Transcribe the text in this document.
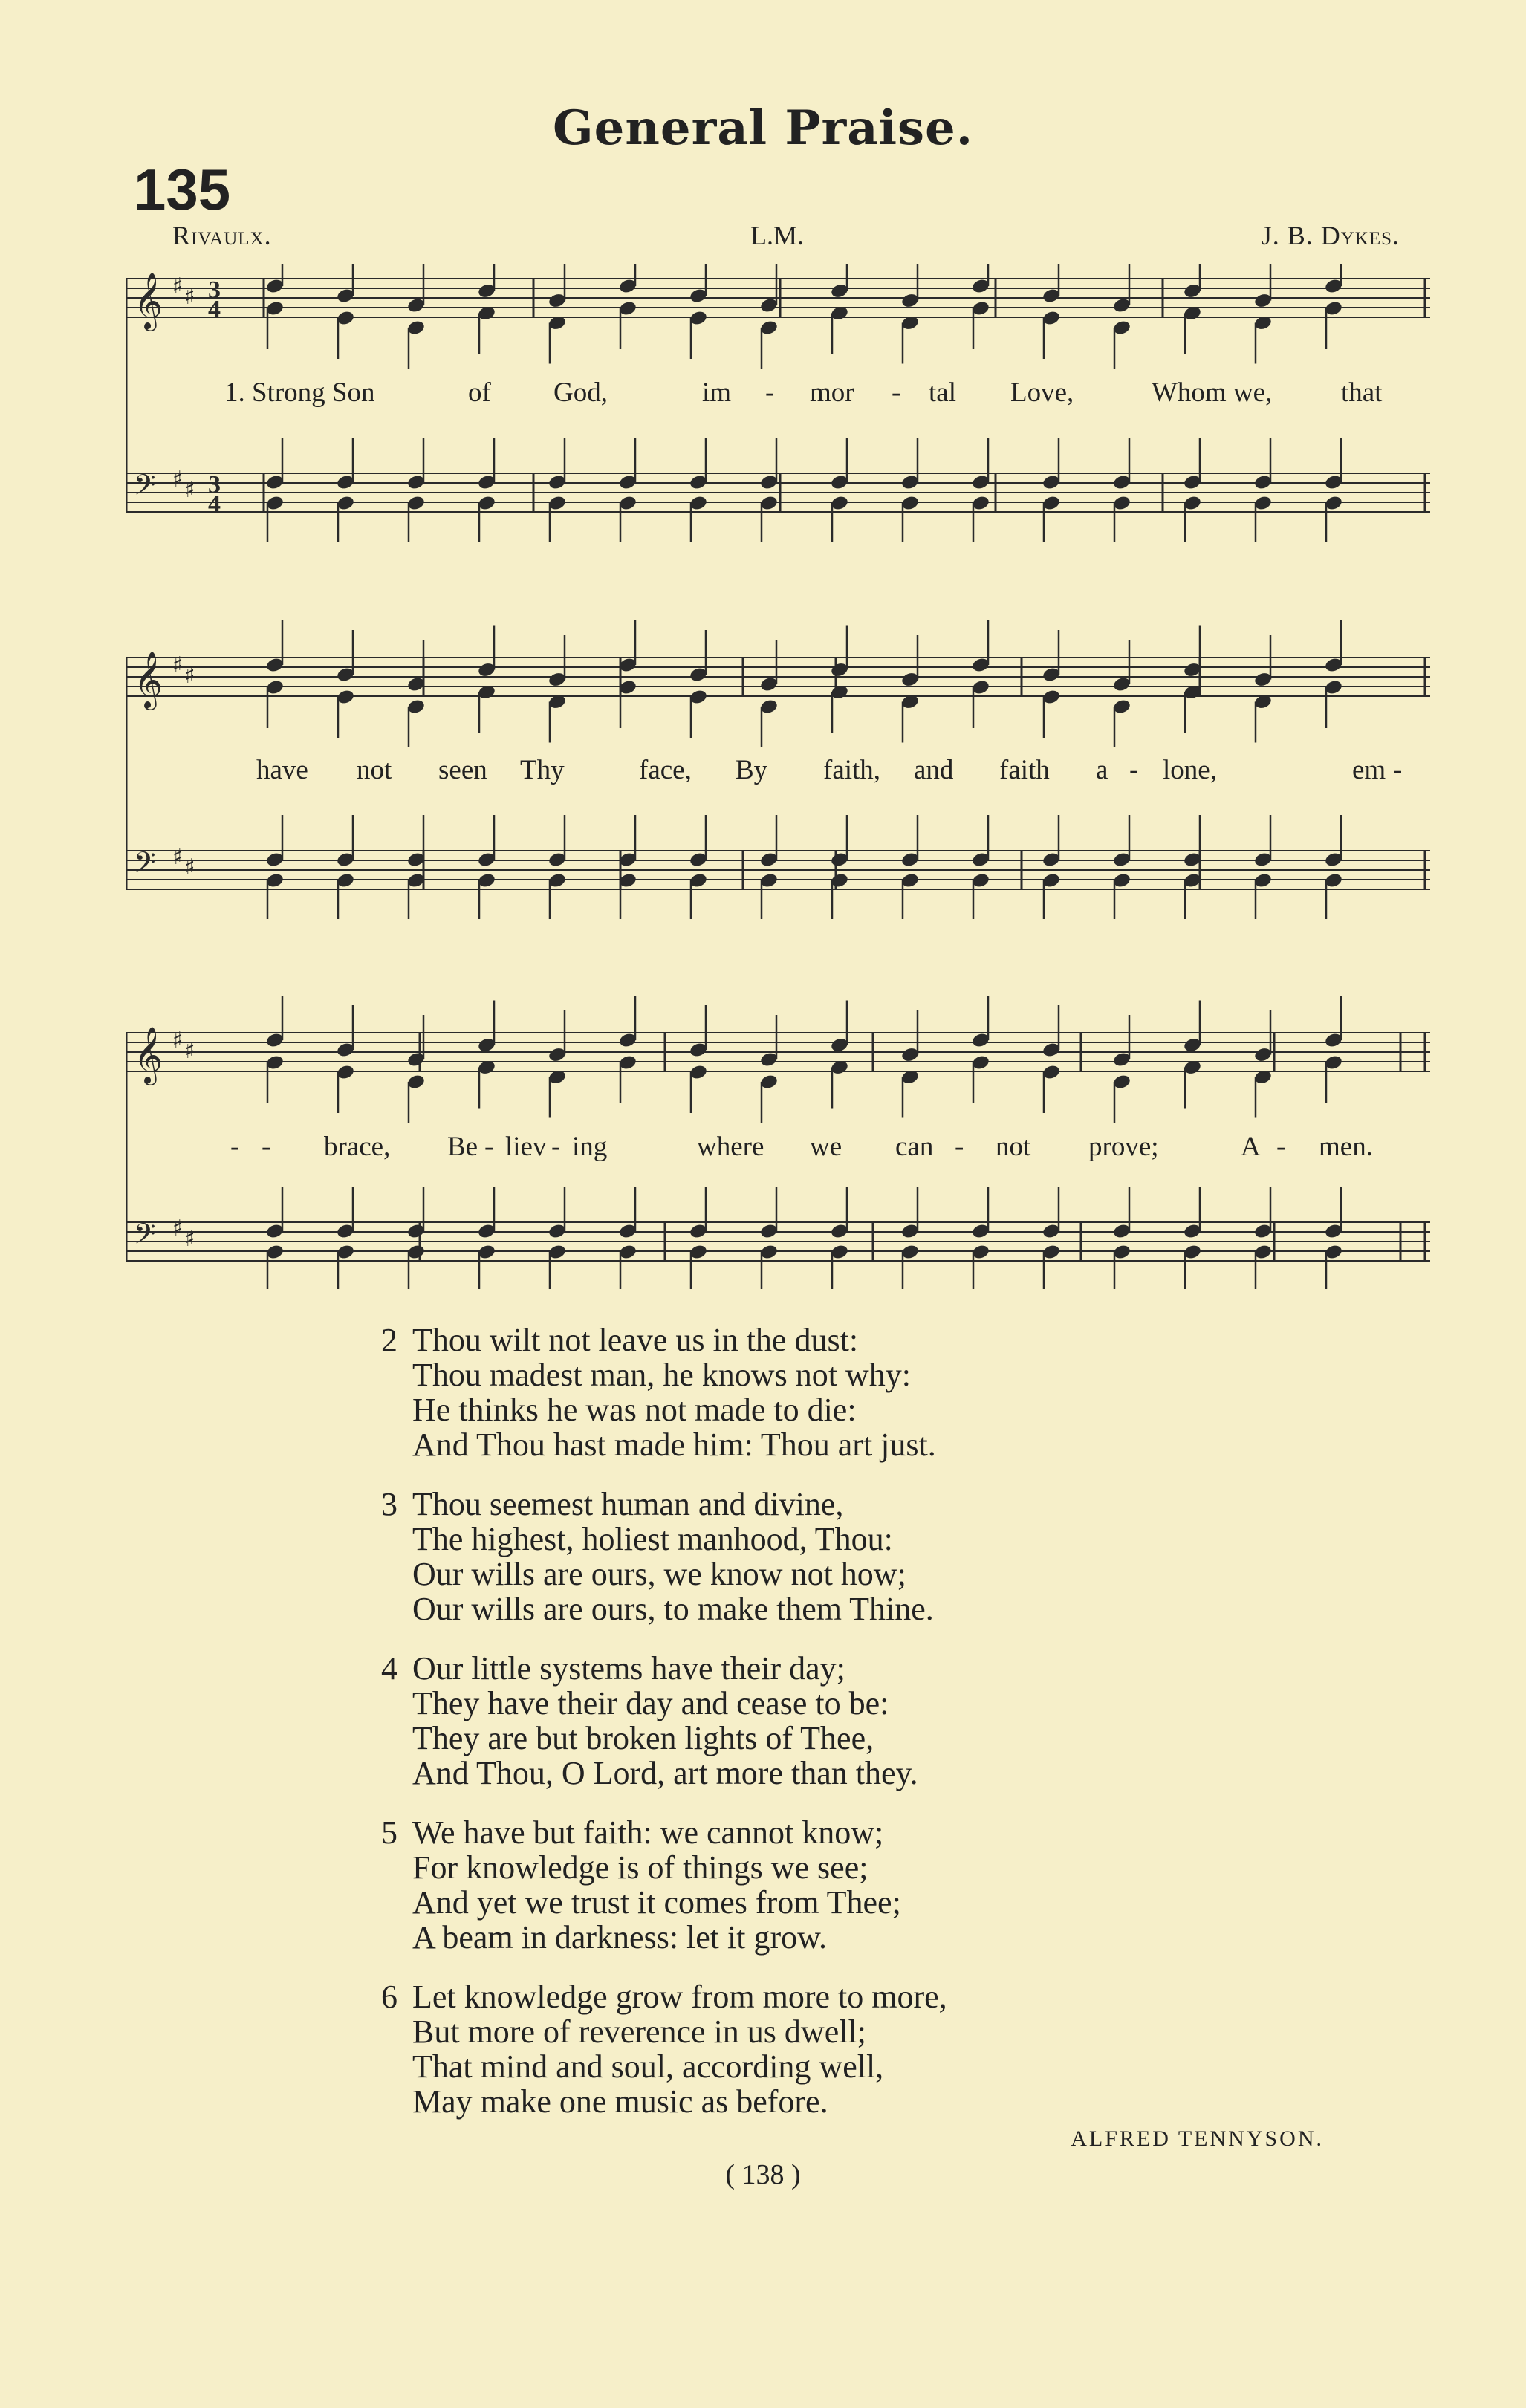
General Praise.
135
Rivaulx.	L.M.	J. B. Dykes.
𝄞 ♯ ♯
𝄢 ♯ ♯
3
4
3
4
𝄞 ♯ ♯
𝄢 ♯ ♯
𝄞 ♯ ♯
𝄢 ♯ ♯
1. Strong Son	of God,	im - mor - tal Love,	Whom we,	that
have not seen Thy	face, By faith, and faith a - lone,	em -
- - brace, Be - liev - ing	where we can - not prove;	A - men.
2 Thou wilt not leave us in the dust:
Thou madest man, he knows not why:
He thinks he was not made to die:
And Thou hast made him: Thou art just.
3 Thou seemest human and divine,
The highest, holiest manhood, Thou:
Our wills are ours, we know not how;
Our wills are ours, to make them Thine.
4 Our little systems have their day;
They have their day and cease to be:
They are but broken lights of Thee,
And Thou, O Lord, art more than they.
5 We have but faith: we cannot know;
For knowledge is of things we see;
And yet we trust it comes from Thee;
A beam in darkness: let it grow.
6 Let knowledge grow from more to more,
But more of reverence in us dwell;
That mind and soul, according well,
May make one music as before.
ALFRED TENNYSON.
( 138 )
